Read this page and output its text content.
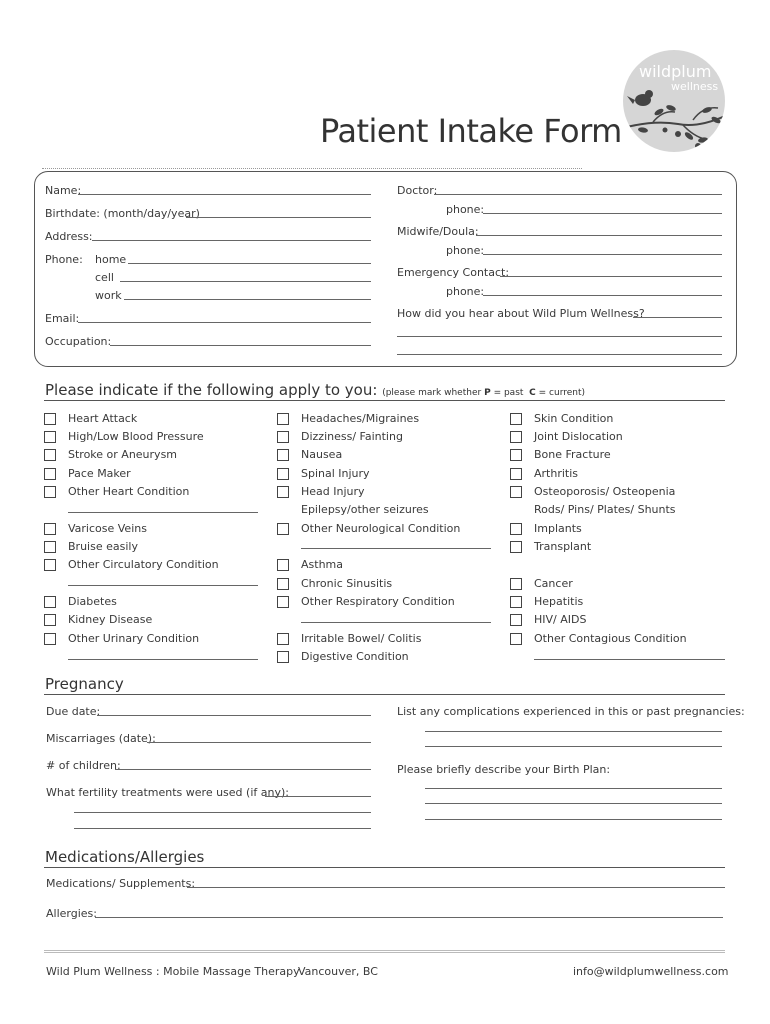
wildplum
wellness
Patient Intake Form
Name:
Birthdate: (month/day/year)
Address:
Phone: home
cell
work
Email:
Occupation:
Doctor:
phone:
Midwife/Doula:
phone:
Emergency Contact:
phone:
How did you hear about Wild Plum Wellness?
Please indicate if the following apply to you: (please mark whether P = past C = current)
Heart Attack
High/Low Blood Pressure
Stroke or Aneurysm
Pace Maker
Other Heart Condition
Varicose Veins
Bruise easily
Other Circulatory Condition
Diabetes
Kidney Disease
Other Urinary Condition
Headaches/Migraines
Dizziness/ Fainting
Nausea
Spinal Injury
Head Injury
Epilepsy/other seizures
Other Neurological Condition
Asthma
Chronic Sinusitis
Other Respiratory Condition
Irritable Bowel/ Colitis
Digestive Condition
Skin Condition
Joint Dislocation
Bone Fracture
Arthritis
Osteoporosis/ Osteopenia
Rods/ Pins/ Plates/ Shunts
Implants
Transplant
Cancer
Hepatitis
HIV/ AIDS
Other Contagious Condition
Pregnancy
Due date:
Miscarriages (date):
# of children:
What fertility treatments were used (if any):
List any complications experienced in this or past pregnancies:
Please briefly describe your Birth Plan:
Medications/Allergies
Medications/ Supplements:
Allergies:
Wild Plum Wellness : Mobile Massage Therapy
Vancouver, BC	info@wildplumwellness.com
